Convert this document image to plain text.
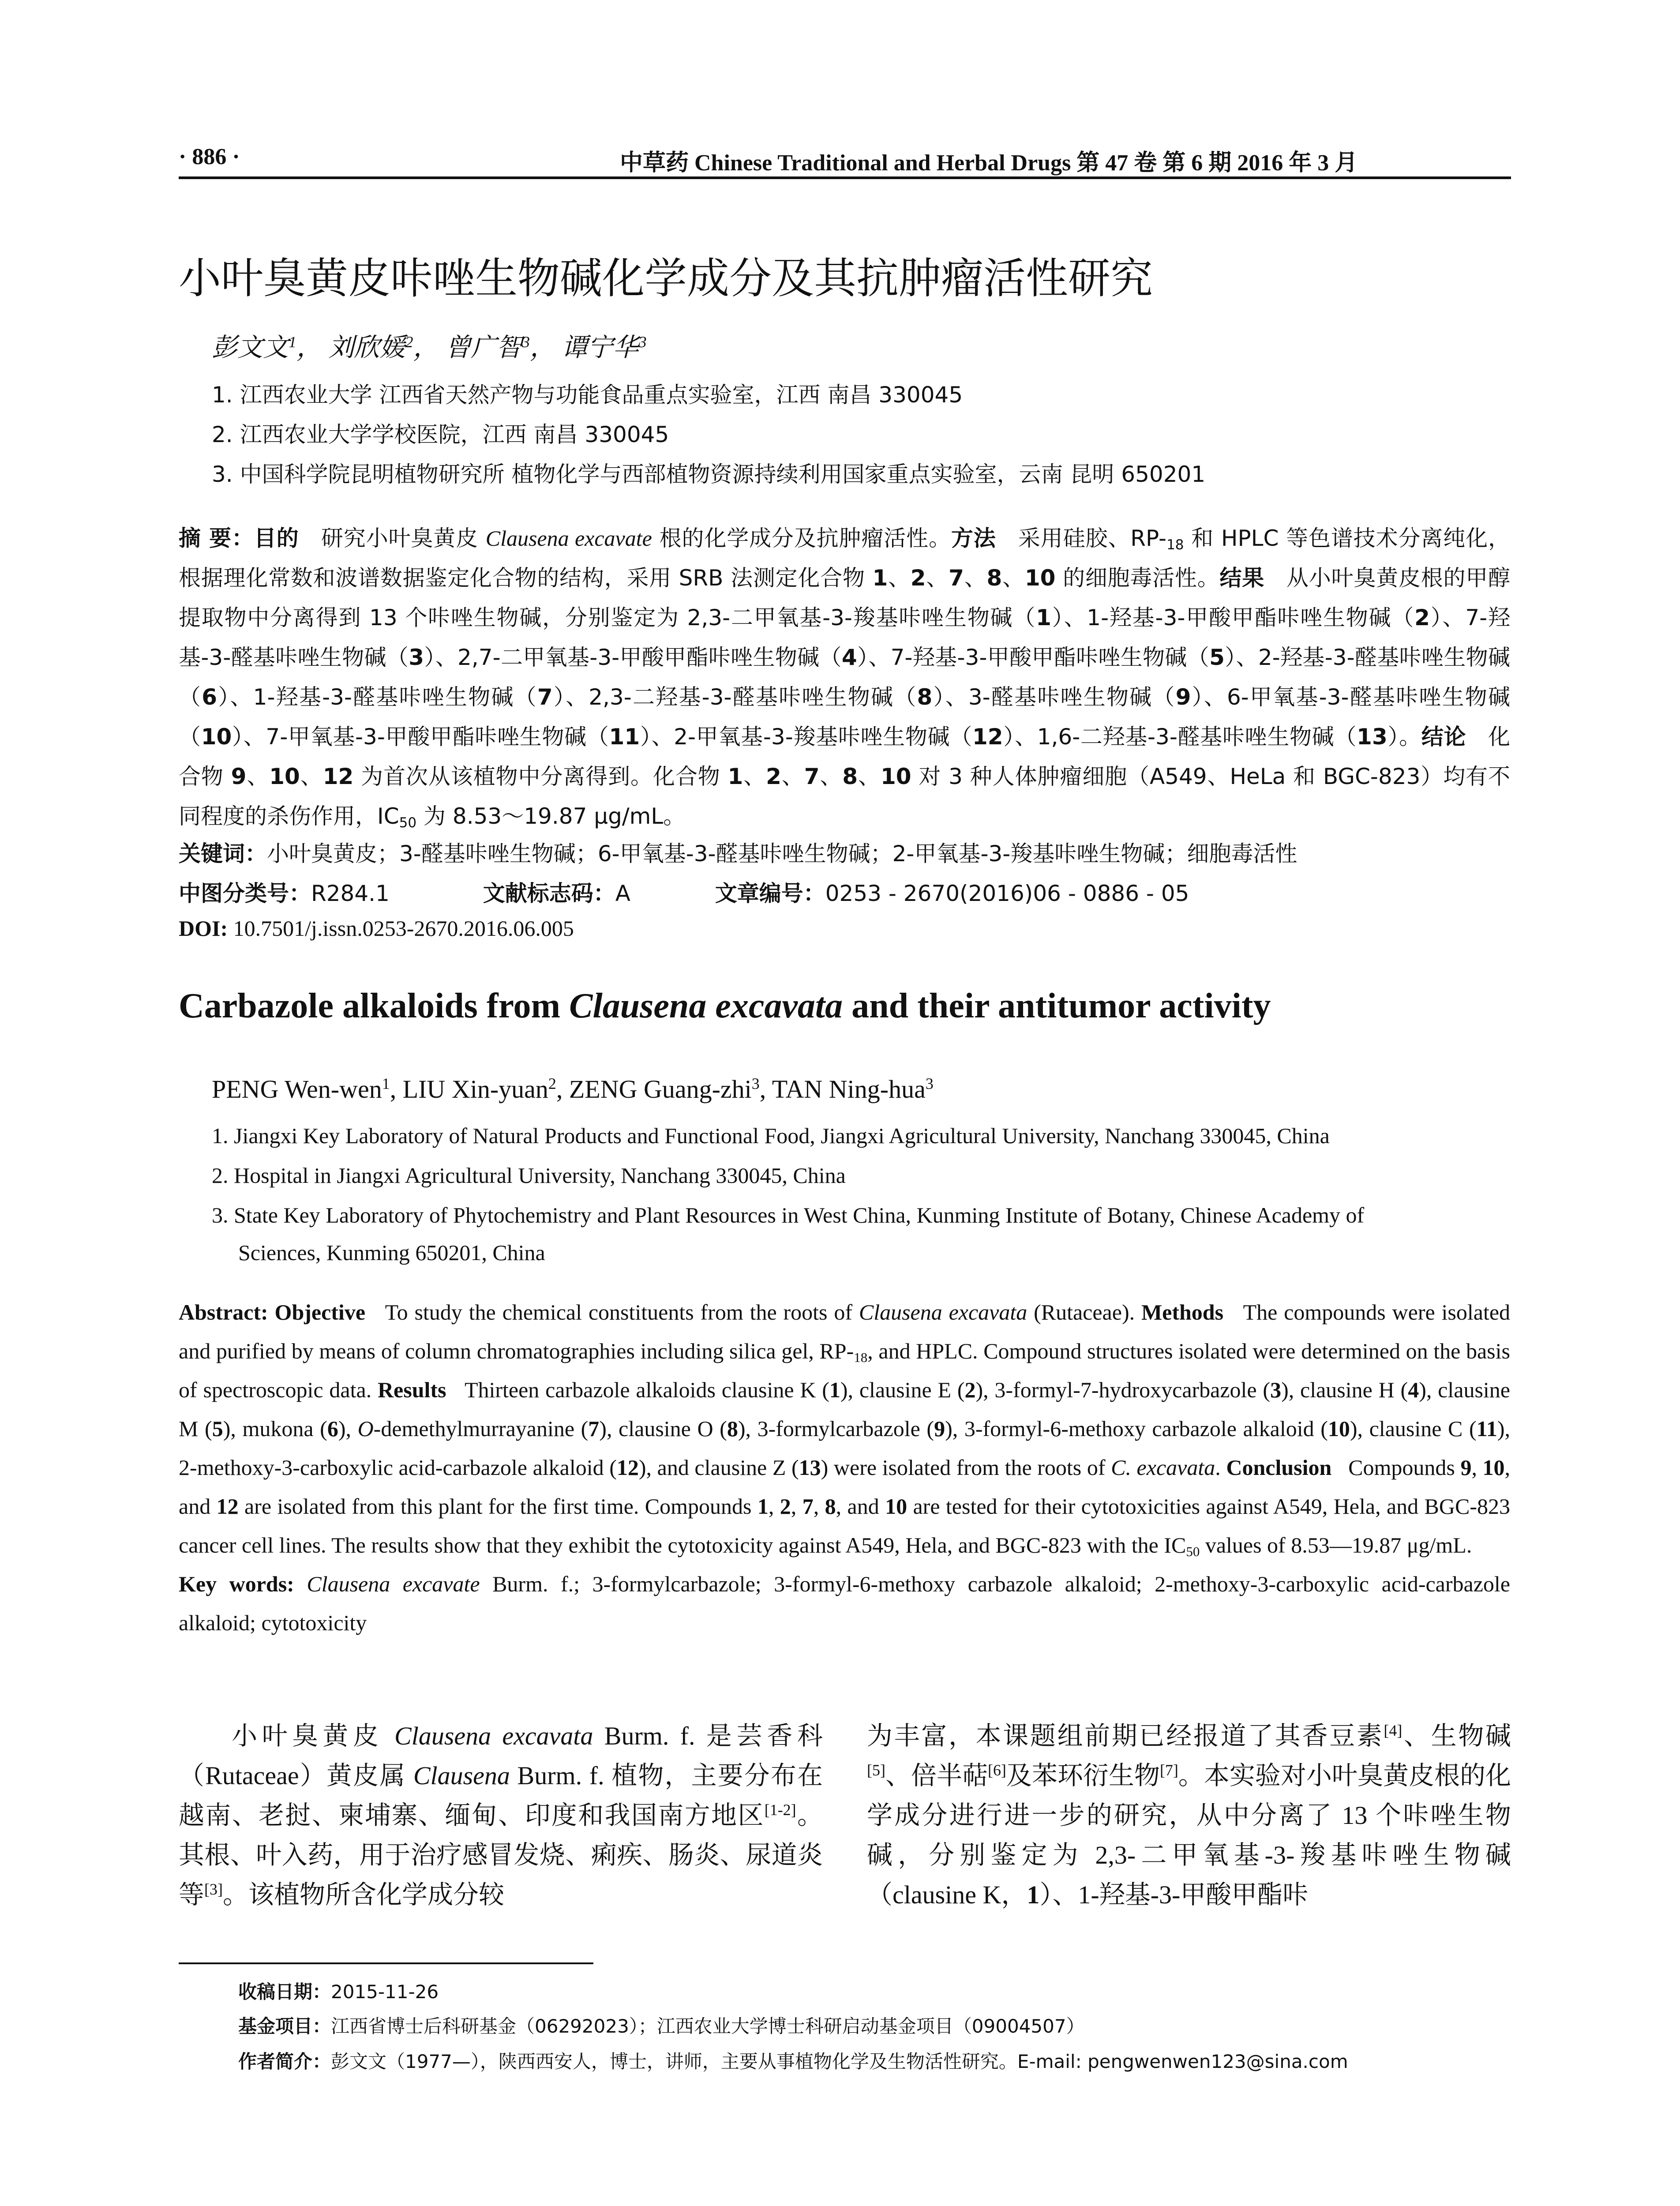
· 886 ·	中草药 Chinese Traditional and Herbal Drugs 第 47 卷 第 6 期 2016 年 3 月
小叶臭黄皮咔唑生物碱化学成分及其抗肿瘤活性研究
彭文文$^1$， 刘欣媛$^2$， 曾广智$^3$， 谭宁华$^3$
1. 江西农业大学 江西省天然产物与功能食品重点实验室，江西 南昌 330045
2. 江西农业大学学校医院，江西 南昌 330045
3. 中国科学院昆明植物研究所 植物化学与西部植物资源持续利用国家重点实验室，云南 昆明 650201
摘 要：目的 研究小叶臭黄皮 Clausena excavate 根的化学成分及抗肿瘤活性。方法 采用硅胶、$RP-_{18}$ 和 HPLC 等色谱技术分离纯化，根据理化常数和波谱数据鉴定化合物的结构，采用 SRB 法测定化合物 1、2、7、8、10 的细胞毒活性。结果 从小叶臭黄皮根的甲醇提取物中分离得到 13 个咔唑生物碱，分别鉴定为 2,3-二甲氧基-3-羧基咔唑生物碱（1）、1-羟基-3-甲酸甲酯咔唑生物碱（2）、7-羟基-3-醛基咔唑生物碱（3）、2,7-二甲氧基-3-甲酸甲酯咔唑生物碱（4）、7-羟基-3-甲酸甲酯咔唑生物碱（5）、2-羟基-3-醛基咔唑生物碱（6）、1-羟基-3-醛基咔唑生物碱（7）、2,3-二羟基-3-醛基咔唑生物碱（8）、3-醛基咔唑生物碱（9）、6-甲氧基-3-醛基咔唑生物碱（10）、7-甲氧基-3-甲酸甲酯咔唑生物碱（11）、2-甲氧基-3-羧基咔唑生物碱（12）、1,6-二羟基-3-醛基咔唑生物碱（13）。结论 化合物 9、10、12 为首次从该植物中分离得到。化合物 1、2、7、8、10 对 3 种人体肿瘤细胞（A549、HeLa 和 BGC-823）均有不同程度的杀伤作用，$IC_{50}$ 为 8.53～19.87 μg/mL。
关键词：小叶臭黄皮；3-醛基咔唑生物碱；6-甲氧基-3-醛基咔唑生物碱；2-甲氧基-3-羧基咔唑生物碱；细胞毒活性
中图分类号：R284.1	文献标志码：A	文章编号：0253 - 2670(2016)06 - 0886 - 05
DOI: 10.7501/j.issn.0253-2670.2016.06.005
Carbazole alkaloids from Clausena excavata and their antitumor activity
PENG Wen-wen$^1$, LIU Xin-yuan$^2$, ZENG Guang-zhi$^3$, TAN Ning-hua$^3$
1. Jiangxi Key Laboratory of Natural Products and Functional Food, Jiangxi Agricultural University, Nanchang 330045, China
2. Hospital in Jiangxi Agricultural University, Nanchang 330045, China
3. State Key Laboratory of Phytochemistry and Plant Resources in West China, Kunming Institute of Botany, Chinese Academy of
Sciences, Kunming 650201, China
Abstract: Objective To study the chemical constituents from the roots of Clausena excavata (Rutaceae). Methods The compounds were isolated and purified by means of column chromatographies including silica gel, $RP-_{18}$, and HPLC. Compound structures isolated were determined on the basis of spectroscopic data. Results Thirteen carbazole alkaloids clausine K (1), clausine E (2), 3-formyl-7-hydroxycarbazole (3), clausine H (4), clausine M (5), mukona (6), O-demethylmurrayanine (7), clausine O (8), 3-formylcarbazole (9), 3-formyl-6-methoxy carbazole alkaloid (10), clausine C (11), 2-methoxy-3-carboxylic acid-carbazole alkaloid (12), and clausine Z (13) were isolated from the roots of C. excavata. Conclusion Compounds 9, 10, and 12 are isolated from this plant for the first time. Compounds 1, 2, 7, 8, and 10 are tested for their cytotoxicities against A549, Hela, and BGC-823 cancer cell lines. The results show that they exhibit the cytotoxicity against A549, Hela, and BGC-823 with the $IC_{50}$ values of 8.53—19.87 μg/mL.
Key words: Clausena excavate Burm. f.; 3-formylcarbazole; 3-formyl-6-methoxy carbazole alkaloid; 2-methoxy-3-carboxylic acid-carbazole alkaloid; cytotoxicity
小叶臭黄皮 Clausena excavata Burm. f. 是芸香科（Rutaceae）黄皮属 Clausena Burm. f. 植物，主要分布在越南、老挝、柬埔寨、缅甸、印度和我国南方地区[1-2]。其根、叶入药，用于治疗感冒发烧、痢疾、肠炎、尿道炎等[3]。该植物所含化学成分较
为丰富，本课题组前期已经报道了其香豆素[4]、生物碱[5]、倍半萜[6]及苯环衍生物[7]。本实验对小叶臭黄皮根的化学成分进行进一步的研究，从中分离了 13 个咔唑生物碱，分别鉴定为 2,3-二甲氧基-3-羧基咔唑生物碱（clausine K，1）、1-羟基-3-甲酸甲酯咔
收稿日期：2015-11-26
基金项目：江西省博士后科研基金（06292023）；江西农业大学博士科研启动基金项目（09004507）
作者简介：彭文文（1977—），陕西西安人，博士，讲师，主要从事植物化学及生物活性研究。E-mail: pengwenwen123@sina.com
